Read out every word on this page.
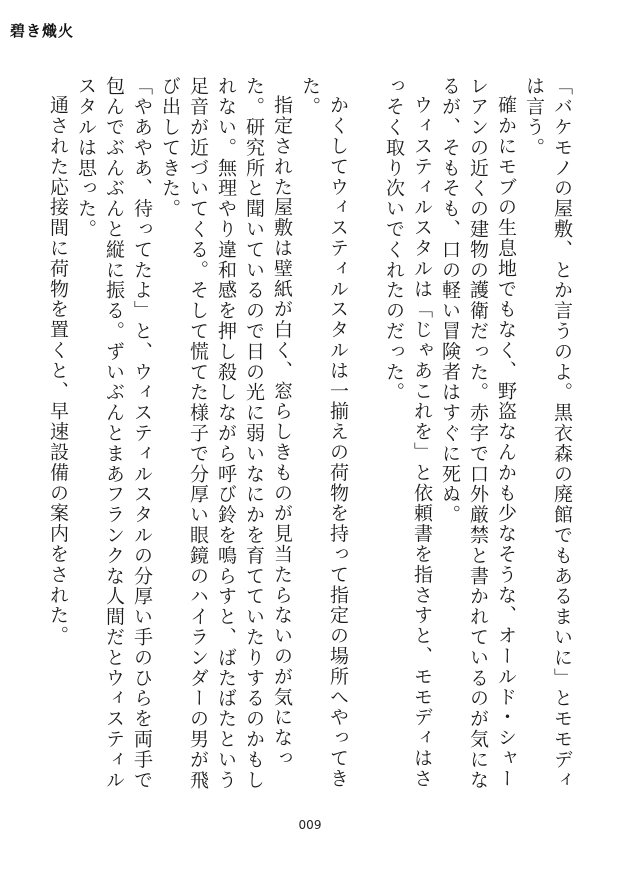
碧き熾火

「バケモノの屋敷、とか言うのよ。黒衣森の廃館でもあるまいに」とモモディは言う。

確かにモブの生息地でもなく、野盗なんかも少なそうな、オールド・シャーレアンの近くの建物の護衛だった。赤字で口外厳禁と書かれているのが気になるが、そもそも、口の軽い冒険者はすぐに死ぬ。

ウィスティルスタルは「じゃあこれを」と依頼書を指さすと、モモディはさっそく取り次いでくれたのだった。

かくしてウィスティルスタルは一揃えの荷物を持って指定の場所へやってきた。

指定された屋敷は壁紙が白く、窓らしきものが見当たらないのが気になった。研究所と聞いているので日の光に弱いなにかを育てていたりするのかもしれない。無理やり違和感を押し殺しながら呼び鈴を鳴らすと、ばたばたという足音が近づいてくる。そして慌てた様子で分厚い眼鏡のハイランダーの男が飛び出してきた。

「やあやあ、待ってたよ」と、ウィスティルスタルの分厚い手のひらを両手で包んでぶんぶんと縦に振る。ずいぶんとまあフランクな人間だとウィスティルスタルは思った。

通された応接間に荷物を置くと、早速設備の案内をされた。

009
